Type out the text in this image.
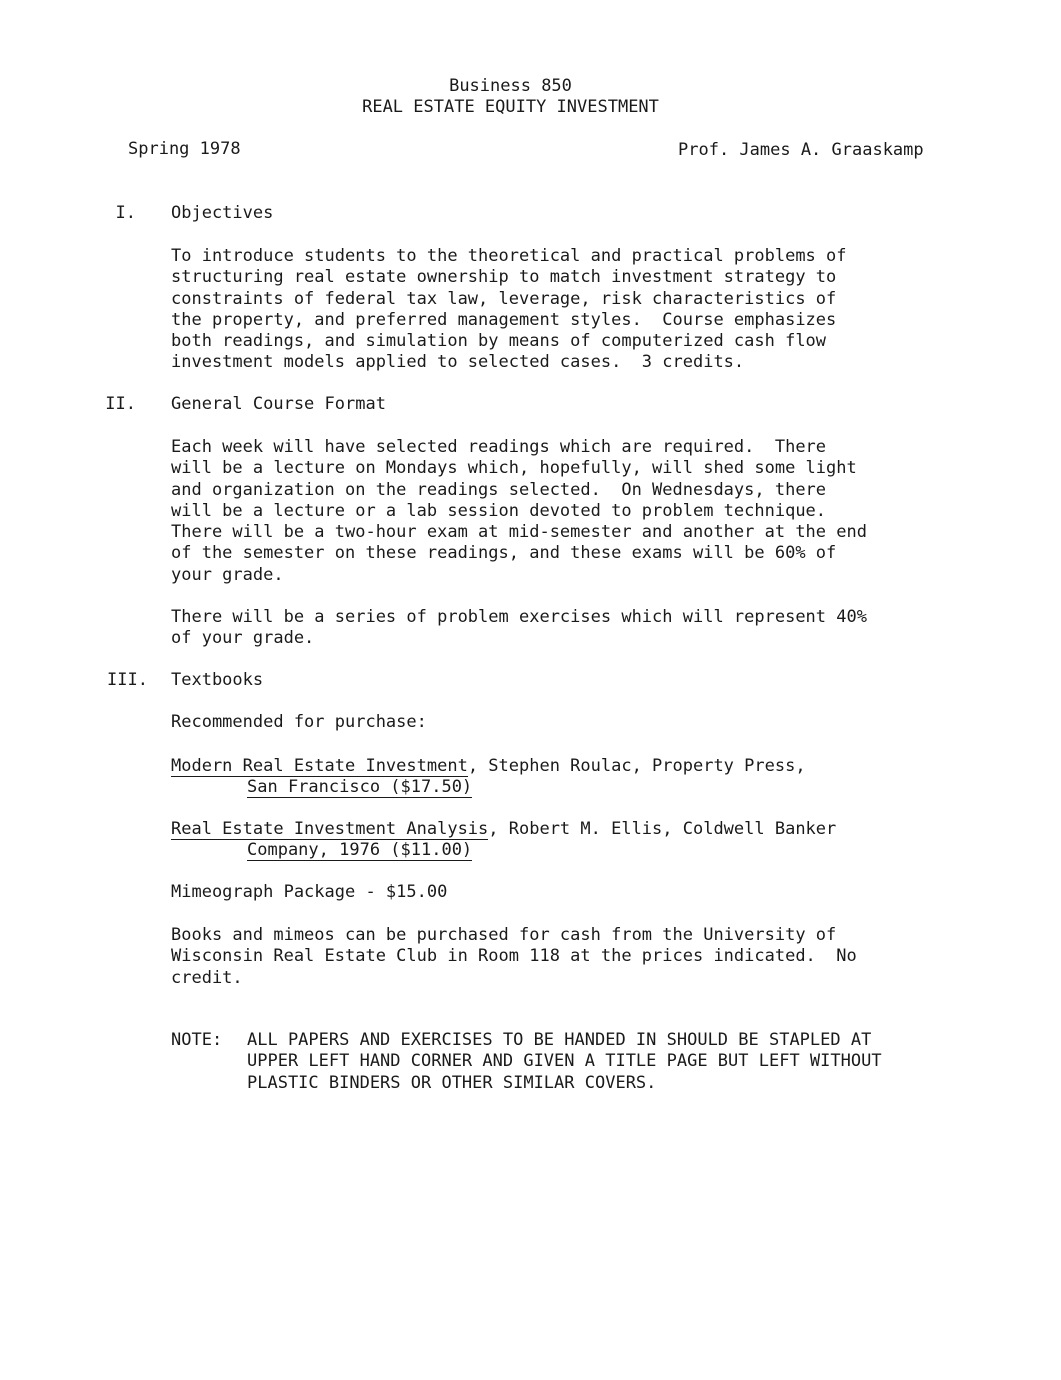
Business 850
REAL ESTATE EQUITY INVESTMENT
Spring 1978	Prof. James A. Graaskamp
I. Objectives
To introduce students to the theoretical and practical problems of
structuring real estate ownership to match investment strategy to
constraints of federal tax law, leverage, risk characteristics of
the property, and preferred management styles.  Course emphasizes
both readings, and simulation by means of computerized cash flow
investment models applied to selected cases.  3 credits.
II. General Course Format
Each week will have selected readings which are required.  There
will be a lecture on Mondays which, hopefully, will shed some light
and organization on the readings selected.  On Wednesdays, there
will be a lecture or a lab session devoted to problem technique.
There will be a two-hour exam at mid-semester and another at the end
of the semester on these readings, and these exams will be 60% of
your grade.
There will be a series of problem exercises which will represent 40%
of your grade.
III. Textbooks
Recommended for purchase:
Modern Real Estate Investment, Stephen Roulac, Property Press,
San Francisco ($17.50)
Real Estate Investment Analysis, Robert M. Ellis, Coldwell Banker
Company, 1976 ($11.00)
Mimeograph Package - $15.00
Books and mimeos can be purchased for cash from the University of
Wisconsin Real Estate Club in Room 118 at the prices indicated.  No
credit.
NOTE: ALL PAPERS AND EXERCISES TO BE HANDED IN SHOULD BE STAPLED AT
UPPER LEFT HAND CORNER AND GIVEN A TITLE PAGE BUT LEFT WITHOUT
PLASTIC BINDERS OR OTHER SIMILAR COVERS.
